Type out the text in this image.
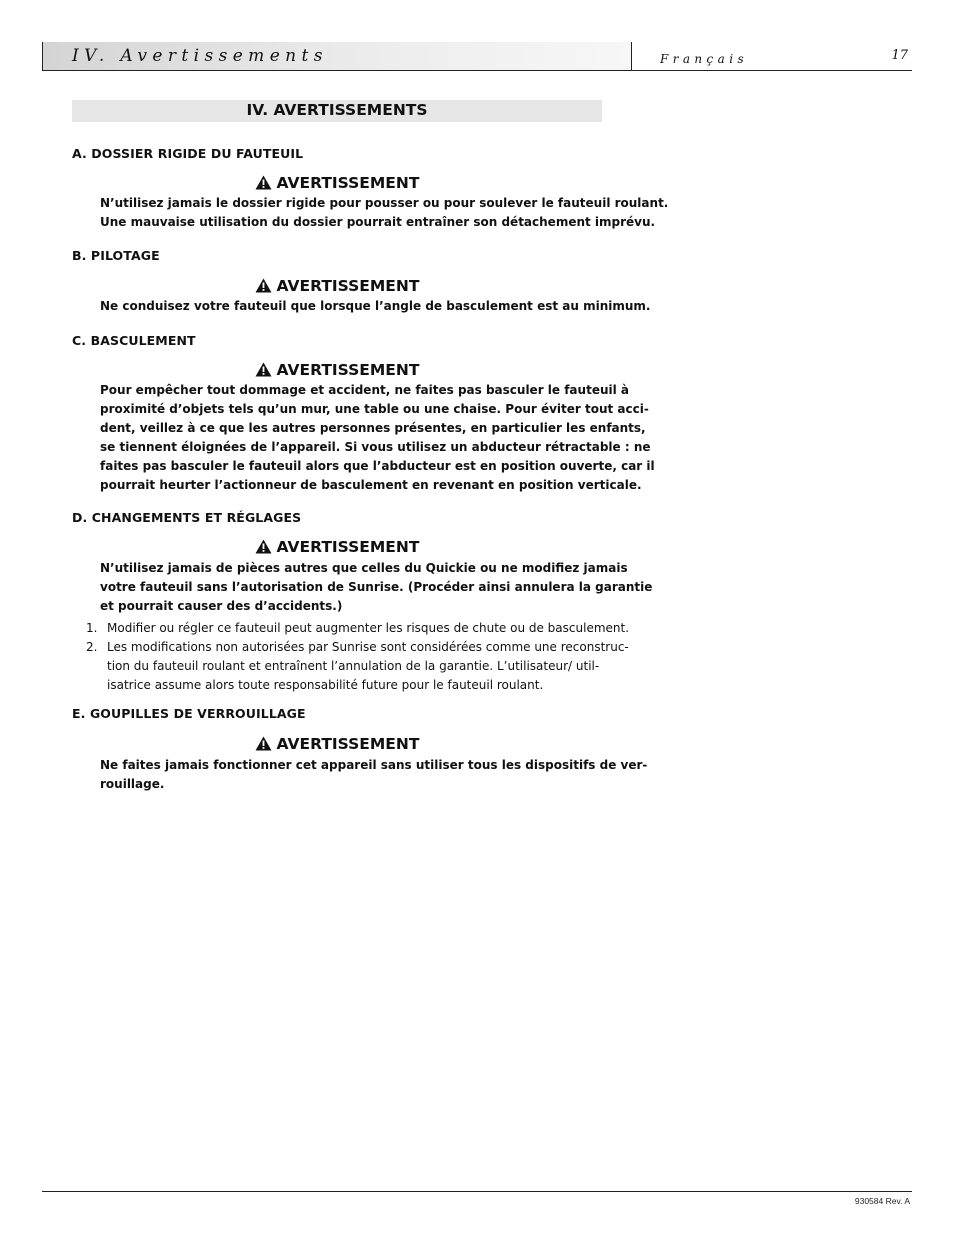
IV. Avertissements	Français	17
IV. AVERTISSEMENTS
A. DOSSIER RIGIDE DU FAUTEUIL
AVERTISSEMENT
N’utilisez jamais le dossier rigide pour pousser ou pour soulever le fauteuil roulant.
Une mauvaise utilisation du dossier pourrait entraîner son détachement imprévu.
B. PILOTAGE
AVERTISSEMENT
Ne conduisez votre fauteuil que lorsque l’angle de basculement est au minimum.
C. BASCULEMENT
AVERTISSEMENT
Pour empêcher tout dommage et accident, ne faites pas basculer le fauteuil à
proximité d’objets tels qu’un mur, une table ou une chaise. Pour éviter tout acci-
dent, veillez à ce que les autres personnes présentes, en particulier les enfants,
se tiennent éloignées de l’appareil. Si vous utilisez un abducteur rétractable : ne
faites pas basculer le fauteuil alors que l’abducteur est en position ouverte, car il
pourrait heurter l’actionneur de basculement en revenant en position verticale.
D. CHANGEMENTS ET RÉGLAGES
AVERTISSEMENT
N’utilisez jamais de pièces autres que celles du Quickie ou ne modifiez jamais
votre fauteuil sans l’autorisation de Sunrise. (Procéder ainsi annulera la garantie
et pourrait causer des d’accidents.)
1. Modifier ou régler ce fauteuil peut augmenter les risques de chute ou de basculement.
2. Les modifications non autorisées par Sunrise sont considérées comme une reconstruc-
tion du fauteuil roulant et entraînent l’annulation de la garantie. L’utilisateur/ util-
isatrice assume alors toute responsabilité future pour le fauteuil roulant.
E. GOUPILLES DE VERROUILLAGE
AVERTISSEMENT
Ne faites jamais fonctionner cet appareil sans utiliser tous les dispositifs de ver-
rouillage.
930584 Rev. A
